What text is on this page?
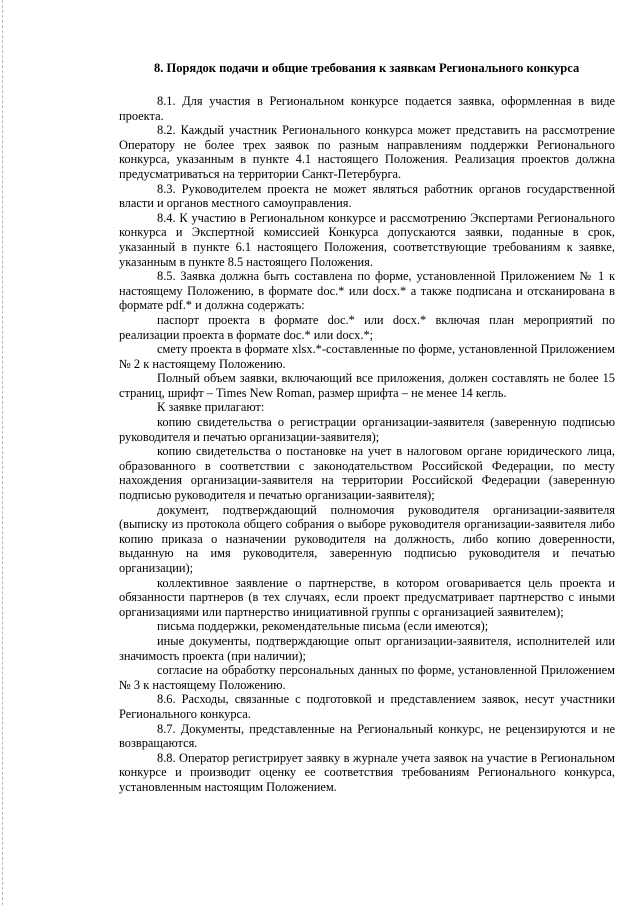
8. Порядок подачи и общие требования к заявкам Регионального конкурса

8.1. Для участия в Региональном конкурсе подается заявка, оформленная в виде проекта.

8.2. Каждый участник Регионального конкурса может представить на рассмотрение Оператору не более трех заявок по разным направлениям поддержки Регионального конкурса, указанным в пункте 4.1 настоящего Положения. Реализация проектов должна предусматриваться на территории Санкт-Петербурга.

8.3. Руководителем проекта не может являться работник органов государственной власти и органов местного самоуправления.

8.4. К участию в Региональном конкурсе и рассмотрению Экспертами Регионального конкурса и Экспертной комиссией Конкурса допускаются заявки, поданные в срок, указанный в пункте 6.1 настоящего Положения, соответствующие требованиям к заявке, указанным в пункте 8.5 настоящего Положения.

8.5. Заявка должна быть составлена по форме, установленной Приложением № 1 к настоящему Положению, в формате doc.* или docx.* а также подписана и отсканирована в формате pdf.* и должна содержать:

паспорт проекта в формате doc.* или docx.* включая план мероприятий по реализации проекта в формате doc.* или docx.*;

смету проекта в формате xlsx.*-составленные по форме, установленной Приложением № 2 к настоящему Положению.

Полный объем заявки, включающий все приложения, должен составлять не более 15 страниц, шрифт – Times New Roman, размер шрифта – не менее 14 кегль.

К заявке прилагают:

копию свидетельства о регистрации организации-заявителя (заверенную подписью руководителя и печатью организации-заявителя);

копию свидетельства о постановке на учет в налоговом органе юридического лица, образованного в соответствии с законодательством Российской Федерации, по месту нахождения организации-заявителя на территории Российской Федерации (заверенную подписью руководителя и печатью организации-заявителя);

документ, подтверждающий полномочия руководителя организации-заявителя (выписку из протокола общего собрания о выборе руководителя организации-заявителя либо копию приказа о назначении руководителя на должность, либо копию доверенности, выданную на имя руководителя, заверенную подписью руководителя и печатью организации);

коллективное заявление о партнерстве, в котором оговаривается цель проекта и обязанности партнеров (в тех случаях, если проект предусматривает партнерство с иными организациями или партнерство инициативной группы с организацией заявителем);

письма поддержки, рекомендательные письма (если имеются);

иные документы, подтверждающие опыт организации-заявителя, исполнителей или значимость проекта (при наличии);

согласие на обработку персональных данных по форме, установленной Приложением № 3 к настоящему Положению.

8.6. Расходы, связанные с подготовкой и представлением заявок, несут участники Регионального конкурса.

8.7. Документы, представленные на Региональный конкурс, не рецензируются и не возвращаются.

8.8. Оператор регистрирует заявку в журнале учета заявок на участие в Региональном конкурсе и производит оценку ее соответствия требованиям Регионального конкурса, установленным настоящим Положением.
